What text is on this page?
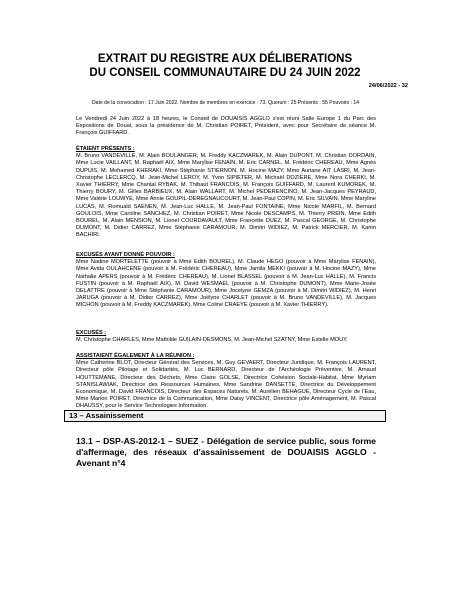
EXTRAIT DU REGISTRE AUX DÉLIBERATIONS
DU CONSEIL COMMUNAUTAIRE DU 24 JUIN 2022
24/06/2022 - 32
Date de la convocation : 17 Juin 2022. Nombre de membres en exercice : 73. Quorum : 25 Présents : 55 Pouvoirs : 14
Le Vendredi 24 Juin 2022 à 18 heures, le Conseil de DOUAISIS AGGLO s'est réuni Salle Europe 1 du Parc des Expositions de Douai, sous la présidence de M. Christian POIRET, Président, avec pour Secrétaire de séance M. François GUIFFARD.
ÉTAIENT PRÉSENTS :
M. Bruno VANDEVILLE, M. Alain BOULANGER, M. Freddy KACZMAREK, M. Alain DUPONT, M. Christian DORDAIN, Mme Lucie VAILLANT, M. Raphaël AIX, Mme Marylise FENAIN, M. Eric CARNEL, M. Frédéric CHEREAU, Mme Agnès DUPUIS, M. Mohamed KHERAKI, Mme Stéphanie STIERNON, M. Hocine MAZY, Mme Auriane AIT LASRI, M. Jean-Christophe LECLERCQ, M. Jean-Michel LEROY, M. Yvon SIPIETER, M. Michaël DOZIERE, Mme Nora CHERKI, M. Xavier THIERRY, Mme Chantal RYBAK, M. Thibaut FRANCOIS, M. François GUIFFARD, M. Laurent KUMOREK, M. Thierry BOURY, M. Gilles BARBIEUX, M. Alain WALLART, M. Michel PEDERENCINO, M. Jean-Jacques PEYRAUD, Mme Valérie LOUWYE, Mme Annie GOUPIL-DEREGNAUCOURT, M. Jean-Paul COPIN, M. Eric SILVAIN, Mme Maryline LUCAS, M. Romuald SAENEN, M. Jean-Luc HALLE, M. Jean-Paul FONTAINE, Mme Nicole MARFIL, M. Bernard GOULOIS, Mme Caroline SANCHEZ, M. Christian POIRET, Mme Nicole DESCAMPS, M. Thierry PREIN, Mme Edith BOUREL, M. Alain MENSION, M. Lionel COURDAVAULT, Mme Francette DUEZ, M. Pascal GEORGE, M. Christophe DUMONT, M. Didier CARREZ, Mme Stéphanie CARAMOUR, M. Dimitri WIDIEZ, M. Patrick MERCIER, M. Karim BACHIRI.
EXCUSÉS AYANT DONNÉ POUVOIR :
Mme Nadine MORTELETTE (pouvoir à Mme Edith BOUREL), M. Claude HEGO (pouvoir à Mme Marylise FENAIN), Mme Avida OULAHCENE (pouvoir à M. Frédéric CHEREAU), Mme Jamila MEKKI (pouvoir à M. Hocine MAZY), Mme Nathalie APERS (pouvoir à M. Frédéric CHEREAU), M. Lionel BLASSEL (pouvoir à M. Jean-Luc HALLE), M. Francis FUSTIN (pouvoir à M. Raphaël AIX), M. David WESMAEL (pouvoir à M. Christophe DUMONT), Mme Marie-Josée DELATTRE (pouvoir à Mme Stéphanie CARAMOUR), Mme Jocelyne GEMZA (pouvoir à M. Dimitri WIDIEZ), M. Henri JARUGA (pouvoir à M. Didier CARREZ), Mme Joëlyne CHARLET (pouvoir à M. Bruno VANDEVILLE), M. Jacques MICHON (pouvoir à M. Freddy KACZMAREK), Mme Coline CRAEYE (pouvoir à M. Xavier THIERRY).
EXCUSÉS :
M. Christophe CHARLES, Mme Mathilde GUILAIN-DESMONS, M. Jean-Michel SZATNY, Mme Estelle MOUY,
ASSISTAIENT ÉGALEMENT À LA RÉUNION :
Mme Catherine BLOT, Directeur Général des Services, M. Guy GEVAERT, Directeur Juridique, M. François LAURENT, Directeur pôle Pilotage et Solidarités, M. Luc BERNARD, Directeur de l'Archéologie Préventive, M. Arnaud HOUTTEMANE, Directeur des Déchets, Mme Claire GOLSE, Directrice Cohésion Sociale-Habitat, Mme Myriam STANISLAWIAK, Directrice des Ressources Humaines, Mme Sandrine DANSETTE, Directrice du Développement Economique, M. David FRANCOIS, Directeur des Espaces Naturels, M. Aurélien BEHAGUE, Directeur Cycle de l'Eau, Mme Marion POIRET, Directrice de la Communication, Mme Daisy VINCENT, Directrice pôle Aménagement, M. Pascal DHAUSSY, pour le Service Technologies Information.
13 – Assainissement
13.1 – DSP-AS-2012-1 – SUEZ - Délégation de service public, sous forme d'affermage, des réseaux d'assainissement de DOUAISIS AGGLO - Avenant n°4
